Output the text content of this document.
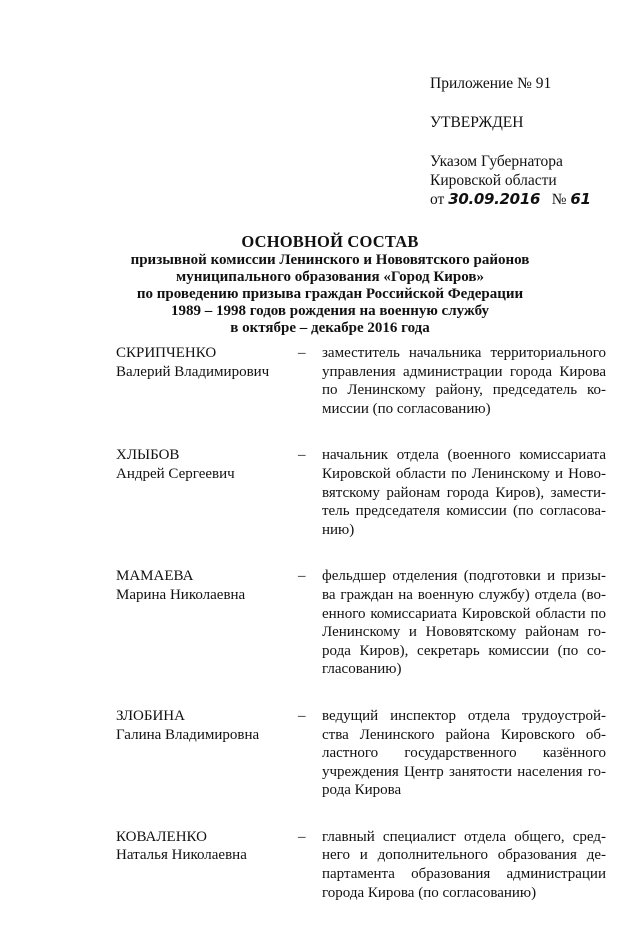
Приложение № 91
УТВЕРЖДЕН
Указом Губернатора
Кировской области
от 30.09.2016 № 61
ОСНОВНОЙ СОСТАВ
призывной комиссии Ленинского и Нововятского районов
муниципального образования «Город Киров»
по проведению призыва граждан Российской Федерации
1989 – 1998 годов рождения на военную службу
в октябре – декабре 2016 года
СКРИПЧЕНКО
Валерий Владимирович
–	заместитель начальника территориального
управления администрации города Кирова
по Ленинскому району, председатель ко-
миссии (по согласованию)
ХЛЫБОВ
Андрей Сергеевич
–	начальник отдела (военного комиссариата
Кировской области по Ленинскому и Ново-
вятскому районам города Киров), замести-
тель председателя комиссии (по согласова-
нию)
МАМАЕВА
Марина Николаевна
–	фельдшер отделения (подготовки и призы-
ва граждан на военную службу) отдела (во-
енного комиссариата Кировской области по
Ленинскому и Нововятскому районам го-
рода Киров), секретарь комиссии (по со-
гласованию)
ЗЛОБИНА
Галина Владимировна
–	ведущий инспектор отдела трудоустрой-
ства Ленинского района Кировского об-
ластного государственного казённого
учреждения Центр занятости населения го-
рода Кирова
КОВАЛЕНКО
Наталья Николаевна
–	главный специалист отдела общего, сред-
него и дополнительного образования де-
партамента образования администрации
города Кирова (по согласованию)
